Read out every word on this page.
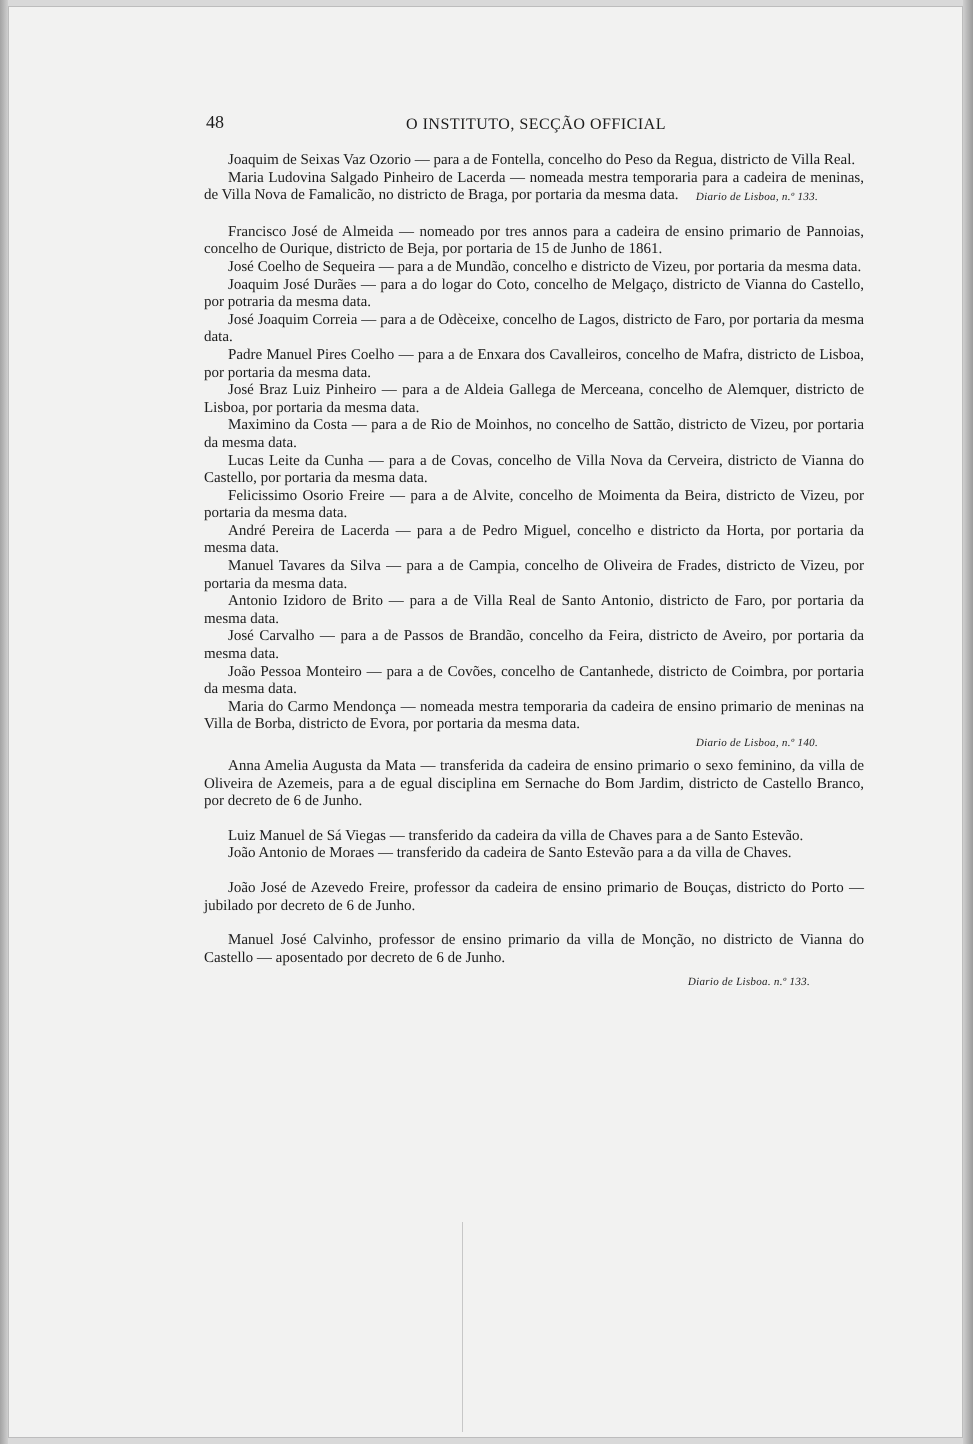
48	O INSTITUTO, SECÇÃO OFFICIAL

Joaquim de Seixas Vaz Ozorio — para a de Fontella, concelho do Peso da Regua, districto de Villa Real.

Maria Ludovina Salgado Pinheiro de Lacerda — nomeada mestra temporaria para a cadeira de meninas, de Villa Nova de Famalicão, no districto de Braga, por portaria da mesma data.	Diario de Lisboa, n.º 133.

Francisco José de Almeida — nomeado por tres annos para a cadeira de ensino primario de Pannoias, concelho de Ourique, districto de Beja, por portaria de 15 de Junho de 1861.

José Coelho de Sequeira — para a de Mundão, concelho e districto de Vizeu, por portaria da mesma data.

Joaquim José Durães — para a do logar do Coto, concelho de Melgaço, districto de Vianna do Castello, por potraria da mesma data.

José Joaquim Correia — para a de Odèceixe, concelho de Lagos, districto de Faro, por portaria da mesma data.

Padre Manuel Pires Coelho — para a de Enxara dos Cavalleiros, concelho de Mafra, districto de Lisboa, por portaria da mesma data.

José Braz Luiz Pinheiro — para a de Aldeia Gallega de Merceana, concelho de Alemquer, districto de Lisboa, por portaria da mesma data.

Maximino da Costa — para a de Rio de Moinhos, no concelho de Sattão, districto de Vizeu, por portaria da mesma data.

Lucas Leite da Cunha — para a de Covas, concelho de Villa Nova da Cerveira, districto de Vianna do Castello, por portaria da mesma data.

Felicissimo Osorio Freire — para a de Alvite, concelho de Moimenta da Beira, districto de Vizeu, por portaria da mesma data.

André Pereira de Lacerda — para a de Pedro Miguel, concelho e districto da Horta, por portaria da mesma data.

Manuel Tavares da Silva — para a de Campia, concelho de Oliveira de Frades, districto de Vizeu, por portaria da mesma data.

Antonio Izidoro de Brito — para a de Villa Real de Santo Antonio, districto de Faro, por portaria da mesma data.

José Carvalho — para a de Passos de Brandão, concelho da Feira, districto de Aveiro, por portaria da mesma data.

João Pessoa Monteiro — para a de Covões, concelho de Cantanhede, districto de Coimbra, por portaria da mesma data.

Maria do Carmo Mendonça — nomeada mestra temporaria da cadeira de ensino primario de meninas na Villa de Borba, districto de Evora, por portaria da mesma data.

Diario de Lisboa, n.º 140.

Anna Amelia Augusta da Mata — transferida da cadeira de ensino primario o sexo feminino, da villa de Oliveira de Azemeis, para a de egual disciplina em Sernache do Bom Jardim, districto de Castello Branco, por decreto de 6 de Junho.

Luiz Manuel de Sá Viegas — transferido da cadeira da villa de Chaves para a de Santo Estevão.

João Antonio de Moraes — transferido da cadeira de Santo Estevão para a da villa de Chaves.

João José de Azevedo Freire, professor da cadeira de ensino primario de Bouças, districto do Porto — jubilado por decreto de 6 de Junho.

Manuel José Calvinho, professor de ensino primario da villa de Monção, no districto de Vianna do Castello — aposentado por decreto de 6 de Junho.

Diario de Lisboa. n.º 133.
